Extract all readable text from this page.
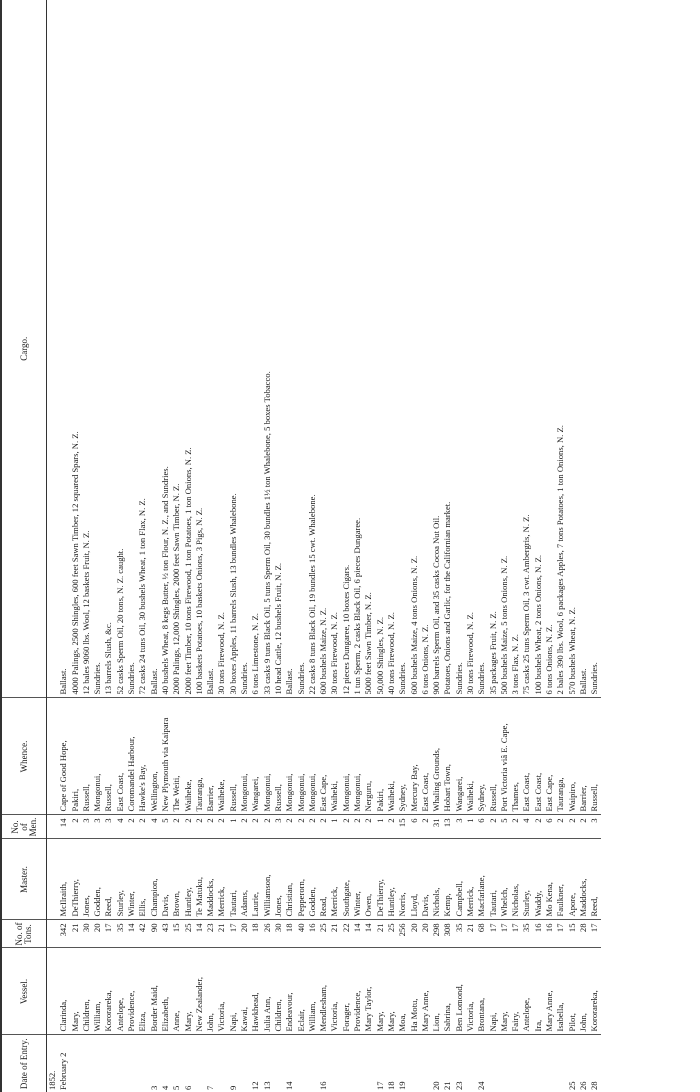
Date of Entry.	Vessel.	No. of Tons.	Master.	No. of Men.	Whence.	Cargo.
1852.						
February 2	Clarinda,	342	McIlraith,	14	Cape of Good Hope,	Ballast.
	Mary,	21	DeThierry,	2	Pakiri,	4000 Palings, 2500 Shingles, 600 feet Sawn Timber, 12 squared Spars, N. Z.
	Children,	30	Jones,	3	Russell,	12 bales 9060 lbs. Wool, 12 baskets Fruit, N. Z.
	William,	20	Godden,	3	Mongonui,	Sundries.
	Kororareka,	17	Reed,	3	Russell,	13 barrels Slush, &c.
	Antelope,	35	Sturley,	4	East Coast,	52 casks Sperm Oil, 20 tons, N. Z. caught.
	Providence,	14	Winter,	2	Coromandel Harbour,	Sundries.
	Eliza,	42	Ellis,	2	Hawke's Bay,	72 casks 24 tuns Oil, 30 bushels Wheat, 1 ton Flax, N. Z.
3	Border Maid,	90	Champion,	4	Wellington,	Ballast.
4	Elizabeth,	43	Davis,	5	New Plymouth via Kaipara	40 bushels Wheat, 8 kegs Butter, ½ ton Flour, N. Z., and Sundries.
5	Anne,	15	Brown,	2	The Weiti,	2000 Palings, 12,000 Shingles, 2000 feet Sawn Timber, N. Z.
6	Mary,	25	Huntley,	2	Waiheke,	2000 feet Timber, 10 tons Firewood, 1 ton Potatoes, 1 ton Onions, N. Z.
	New Zealander,	14	Te Matuku,	2	Tauranga,	100 baskets Potatoes, 10 baskets Onions, 3 Pigs, N. Z.
7	John,	23	Maddocks,	2	Barrier,	Ballast.
	Victoria,	21	Merrick,	2	Waiheke,	30 tons Firewood, N. Z.
9	Napi,	17	Tautari,	1	Russell,	30 boxes Apples, 11 barrels Slush, 13 bundles Whalebone.
	Kawai,	20	Adams,	2	Mongonui,	Sundries.
12	Hawkhead,	18	Laurie,	2	Wangarei,	6 tons Limestone, N. Z.
13	Julia Ann,	26	Williamson,	2	Mongonui,	33 casks 9 tuns Black Oil, 5 tuns Sperm Oil, 30 bundles 1½ ton Whalebone, 5 boxes Tobacco.
	Children,	30	Jones,	3	Russell,	10 head Cattle, 12 bushels Fruit, N. Z.
14	Endeavour,	18	Christian,	2	Mongonui,	Ballast.
	Eclair,	40	Pepperorn,	2	Mongonui,	Sundries.
	William,	16	Godden,	2	Mongonui,	22 casks 8 tuns Black Oil, 19 bundles 15 cwt. Whalebone.
16	Mendlesham,	25	Read,	2	East Cape,	600 bushels Maize, N. Z.
	Victoria,	21	Merrick,	1	Waiheki,	30 tons Firewood, N. Z.
	Forager,	22	Southgate,	2	Mongonui,	12 pieces Dungaree, 10 boxes Cigars.
	Providence,	14	Winter,	2	Mongonui,	1 tun Sperm, 2 casks Black Oil, 6 pieces Dungaree.
	Mary Taylor,	14	Owen,	2	Nerguru,	5000 feet Sawn Timber, N. Z.
17	Mary,	21	DeThierry,	1	Pakiri,	50,000 Shingles, N. Z.
18	Mary,	25	Huntley,	2	Waiheki,	40 tons Firewood, N. Z.
19	Moa,	256	Norris,	15	Sydney,	Sundries.
	Ha Motu,	20	Lloyd,	6	Mercury Bay,	600 bushels Maize, 4 tons Onions, N. Z.
	Mary Anne,	20	Davis,	2	East Coast,	6 tons Onions, N. Z.
20	Lion,	298	Nichols,	31	Whaling Grounds,	900 barrels Sperm Oil, and 35 casks Cocoa Nut Oil.
21	Sabrina,	308	Kemp,	13	Hobart Town,	Potatoes, Onions and Garlic, for the Californian market.
23	Ben Lomond,	35	Campbell,	3	Wangarei,	Sundries.
	Victoria,	21	Merrick,	1	Waiheki,	30 tons Firewood, N. Z.
24	Brontana,	68	Macfarlane,	6	Sydney,	Sundries.
	Napi,	17	Tautari,	2	Russell,	35 packages Fruit, N. Z.
	Mary,	17	Whelch,	5	Port Victoria viâ E. Cape,	500 bushels Maize, 5 tons Onions, N. Z.
	Fairy,	17	Nicholas,	2	Thames,	3 tons Flax, N. Z.
	Antelope,	35	Sturley,	4	East Coast,	75 casks 25 tuns Sperm Oil, 3 cwt. Ambergris, N. Z.
	Ira,	16	Waddy,	2	East Coast,	100 bushels Wheat, 2 tons Onions, N. Z.
	Mary Anne,	16	Mo Kena,	6	East Cape,	6 tons Onions, N. Z.
	Isabella,	17	Faulkner,	2	Tauranga,	2 bales 390 lbs. Wool, 6 packages Apples, 7 tons Potatoes, 1 ton Onions, N. Z.
25	Pilot,	15	Apore,	2	Waipiro,	570 bushels Wheat, N. Z.
26	John,	28	Maddocks,	2	Barrier,	Ballast.
28	Kororareka,	17	Reed,	3	Russell,	Sundries.
